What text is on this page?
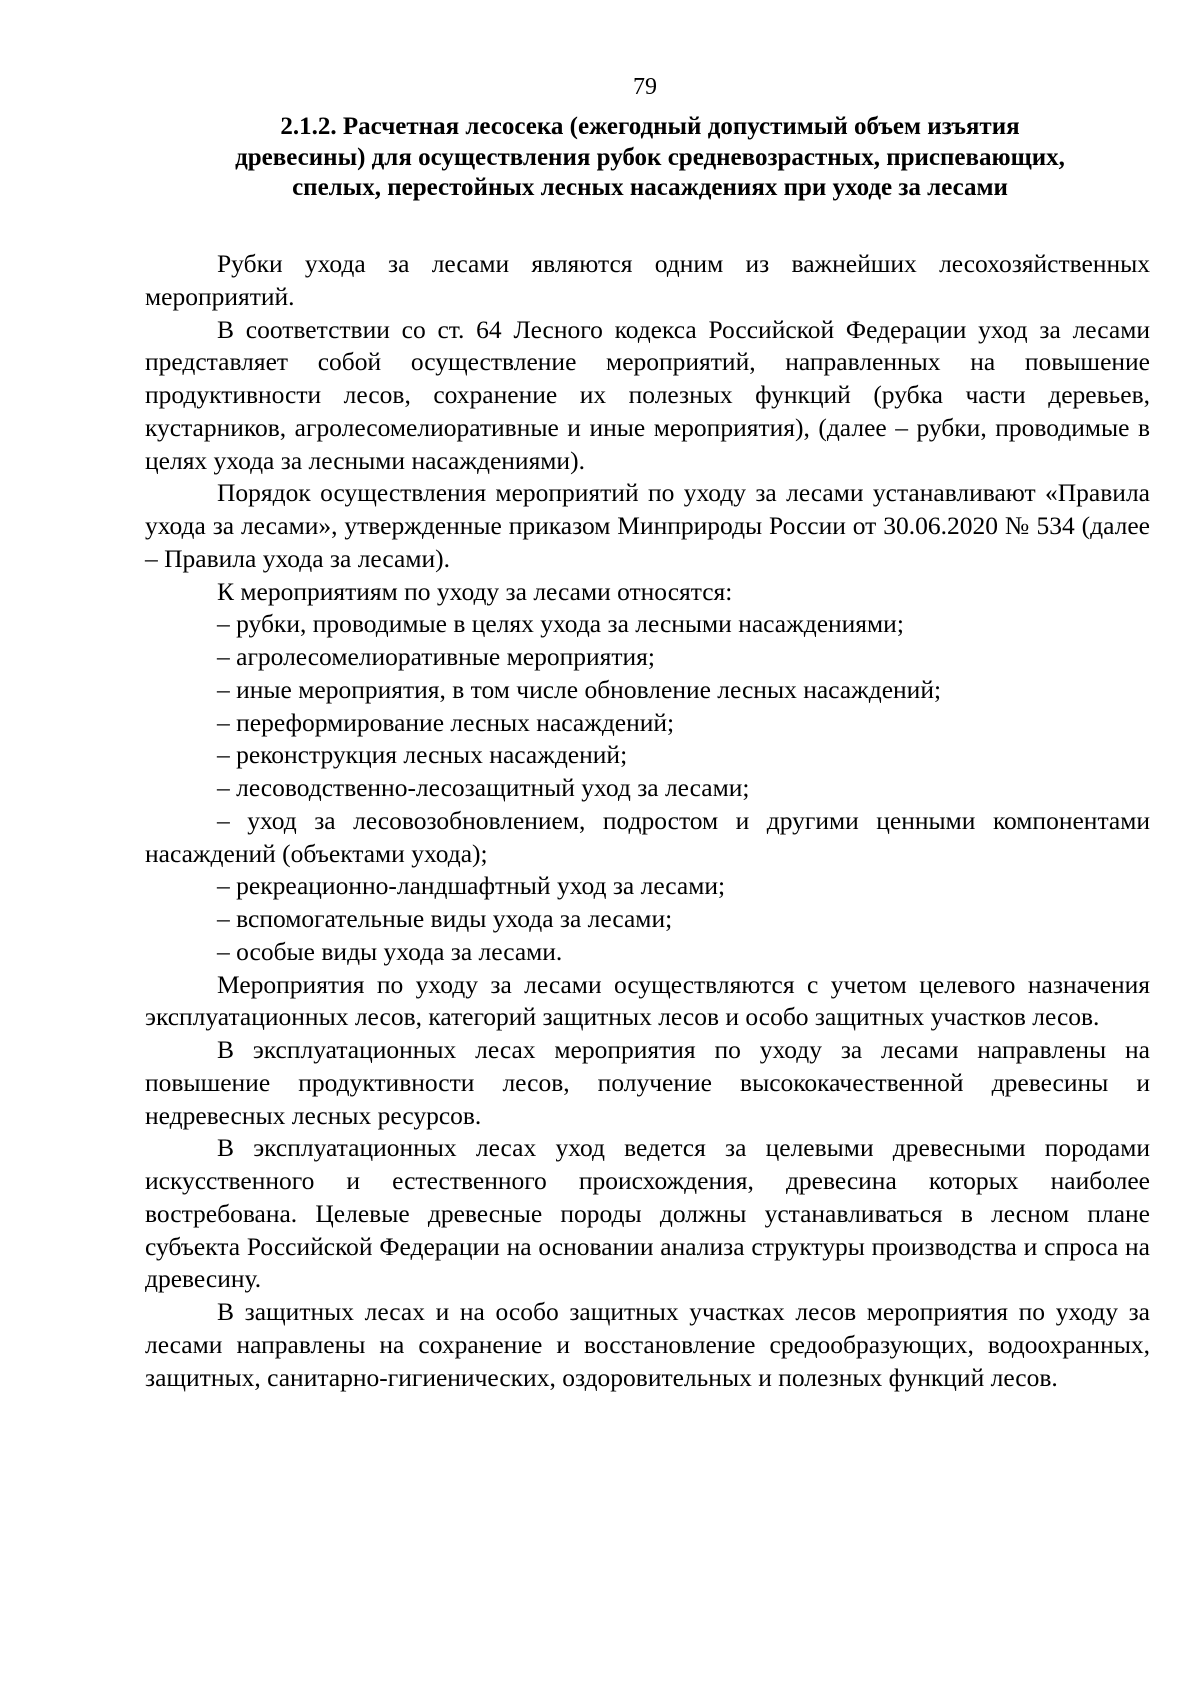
79
2.1.2. Расчетная лесосека (ежегодный допустимый объем изъятия
древесины) для осуществления рубок средневозрастных, приспевающих,
спелых, перестойных лесных насаждениях при уходе за лесами

Рубки ухода за лесами являются одним из важнейших лесохозяйственных мероприятий.

В соответствии со ст. 64 Лесного кодекса Российской Федерации уход за лесами представляет собой осуществление мероприятий, направленных на повышение продуктивности лесов, сохранение их полезных функций (рубка части деревьев, кустарников, агролесомелиоративные и иные мероприятия), (далее – рубки, проводимые в целях ухода за лесными насаждениями).

Порядок осуществления мероприятий по уходу за лесами устанавливают «Правила ухода за лесами», утвержденные приказом Минприроды России от 30.06.2020 № 534 (далее – Правила ухода за лесами).

К мероприятиям по уходу за лесами относятся:

– рубки, проводимые в целях ухода за лесными насаждениями;

– агролесомелиоративные мероприятия;

– иные мероприятия, в том числе обновление лесных насаждений;

– переформирование лесных насаждений;

– реконструкция лесных насаждений;

– лесоводственно-лесозащитный уход за лесами;

– уход за лесовозобновлением, подростом и другими ценными компонентами насаждений (объектами ухода);

– рекреационно-ландшафтный уход за лесами;

– вспомогательные виды ухода за лесами;

– особые виды ухода за лесами.

Мероприятия по уходу за лесами осуществляются с учетом целевого назначения эксплуатационных лесов, категорий защитных лесов и особо защитных участков лесов.

В эксплуатационных лесах мероприятия по уходу за лесами направлены на повышение продуктивности лесов, получение высококачественной древесины и недревесных лесных ресурсов.

В эксплуатационных лесах уход ведется за целевыми древесными породами искусственного и естественного происхождения, древесина которых наиболее востребована. Целевые древесные породы должны устанавливаться в лесном плане субъекта Российской Федерации на основании анализа структуры производства и спроса на древесину.

В защитных лесах и на особо защитных участках лесов мероприятия по уходу за лесами направлены на сохранение и восстановление средообразующих, водоохранных, защитных, санитарно-гигиенических, оздоровительных и полезных функций лесов.
